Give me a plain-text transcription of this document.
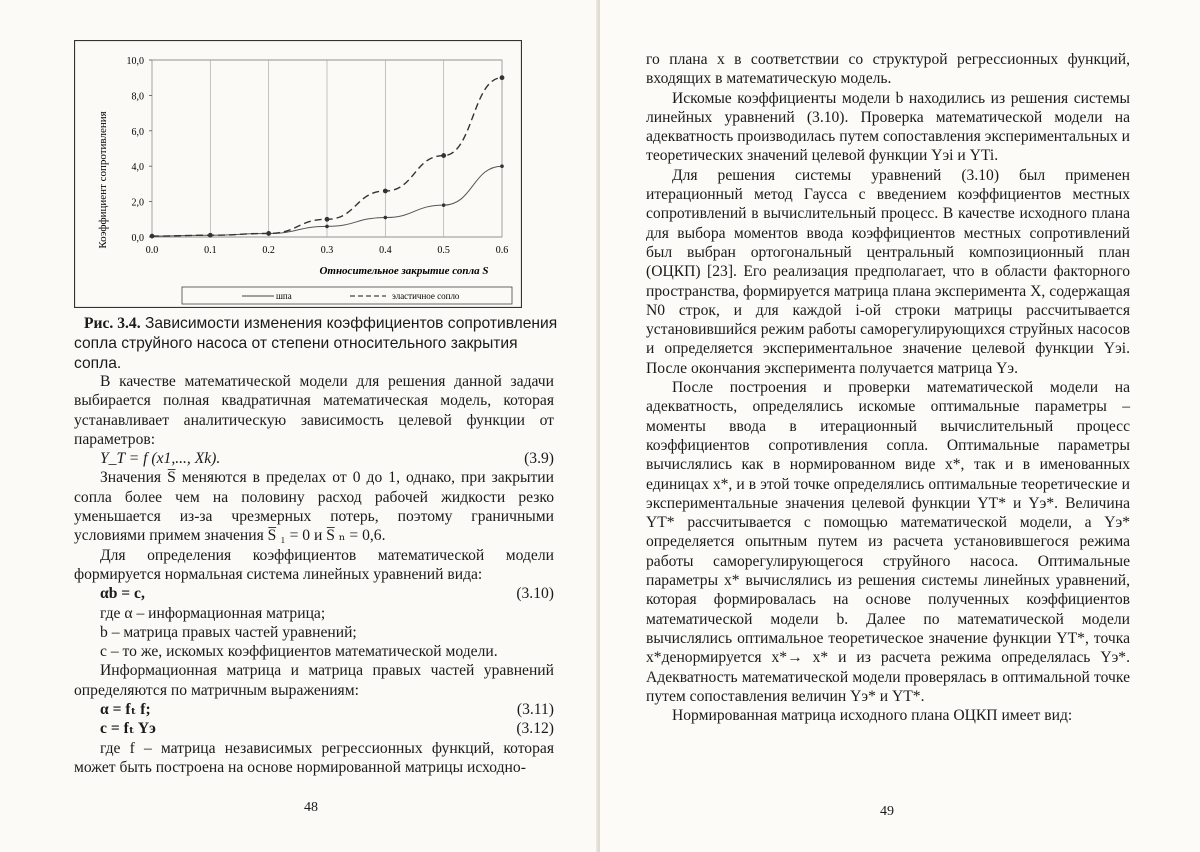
Коэффициент сопротивления
Относительное закрытие сопла S
0.0	0.1	0.2	0.3	0.4	0.5	0.6
0,0
2,0
4,0
6,0
8,0
10,0
шпа	эластичное сопло
Рис. 3.4. Зависимости изменения коэффициентов сопротивления
сопла струйного насоса от степени относительного закрытия сопла.

В качестве математической модели для решения данной задачи выбирается полная квадратичная математическая модель, которая устанавливает аналитическую зависимость целевой функции от параметров:

Y_T = f (x1,..., Xk).	(3.9)

Значения S̅ меняются в пределах от 0 до 1, однако, при закрытии сопла более чем на половину расход рабочей жидкости резко уменьшается из-за чрезмерных потерь, поэтому граничными условиями примем значения S̅ ₁ = 0 и S̅ ₙ = 0,6.

Для определения коэффициентов математической модели формируется нормальная система линейных уравнений вида:

αb = c,	(3.10)
где α – информационная матрица;
b – матрица правых частей уравнений;
c – то же, искомых коэффициентов математической модели.

Информационная матрица и матрица правых частей уравнений определяются по матричным выражениям:

α = fₜ f;	(3.11)
c = fₜ Yэ	(3.12)

где f – матрица независимых регрессионных функций, которая может быть построена на основе нормированной матрицы исходно-

48

го плана x в соответствии со структурой регрессионных функций, входящих в математическую модель.

Искомые коэффициенты модели b находились из решения системы линейных уравнений (3.10). Проверка математической модели на адекватность производилась путем сопоставления экспериментальных и теоретических значений целевой функции Yэi и YTi.

Для решения системы уравнений (3.10) был применен итерационный метод Гаусса с введением коэффициентов местных сопротивлений в вычислительный процесс. В качестве исходного плана для выбора моментов ввода коэффициентов местных сопротивлений был выбран ортогональный центральный композиционный план (ОЦКП) [23]. Его реализация предполагает, что в области факторного пространства, формируется матрица плана эксперимента X, содержащая N0 строк, и для каждой i-ой строки матрицы рассчитывается установившийся режим работы саморегулирующихся струйных насосов и определяется экспериментальное значение целевой функции Yэi. После окончания эксперимента получается матрица Yэ.

После построения и проверки математической модели на адекватность, определялись искомые оптимальные параметры – моменты ввода в итерационный вычислительный процесс коэффициентов сопротивления сопла. Оптимальные параметры вычислялись как в нормированном виде x*, так и в именованных единицах x*, и в этой точке определялись оптимальные теоретические и экспериментальные значения целевой функции YT* и Yэ*. Величина YT* рассчитывается с помощью математической модели, а Yэ* определяется опытным путем из расчета установившегося режима работы саморегулирующегося струйного насоса. Оптимальные параметры x* вычислялись из решения системы линейных уравнений, которая формировалась на основе полученных коэффициентов математической модели b. Далее по математической модели вычислялись оптимальное теоретическое значение функции YT*, точка x*денормируется x*→ x* и из расчета режима определялась Yэ*. Адекватность математической модели проверялась в оптимальной точке путем сопоставления величин Yэ* и YT*.

Нормированная матрица исходного плана ОЦКП имеет вид:

49
